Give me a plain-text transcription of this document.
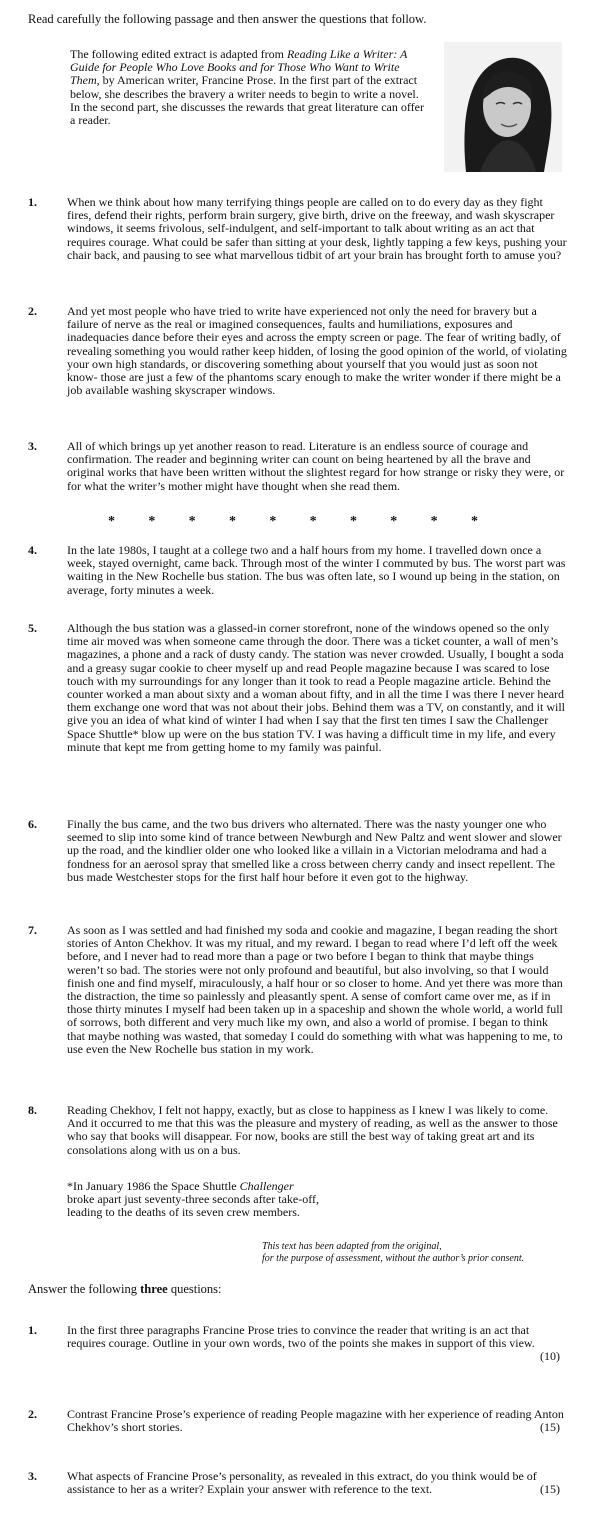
Read carefully the following passage and then answer the questions that follow.
The following edited extract is adapted from Reading Like a Writer: A Guide for People Who Love Books and for Those Who Want to Write Them, by American writer, Francine Prose. In the first part of the extract below, she describes the bravery a writer needs to begin to write a novel. In the second part, she discusses the rewards that great literature can offer a reader.
1.	When we think about how many terrifying things people are called on to do every day as they fight fires, defend their rights, perform brain surgery, give birth, drive on the freeway, and wash skyscraper windows, it seems frivolous, self-indulgent, and self-important to talk about writing as an act that requires courage. What could be safer than sitting at your desk, lightly tapping a few keys, pushing your chair back, and pausing to see what marvellous tidbit of art your brain has brought forth to amuse you?
2.	And yet most people who have tried to write have experienced not only the need for bravery but a failure of nerve as the real or imagined consequences, faults and humiliations, exposures and inadequacies dance before their eyes and across the empty screen or page. The fear of writing badly, of revealing something you would rather keep hidden, of losing the good opinion of the world, of violating your own high standards, or discovering something about yourself that you would just as soon not know- those are just a few of the phantoms scary enough to make the writer wonder if there might be a job available washing skyscraper windows.
3.	All of which brings up yet another reason to read. Literature is an endless source of courage and confirmation. The reader and beginning writer can count on being heartened by all the brave and original works that have been written without the slightest regard for how strange or risky they were, or for what the writer’s mother might have thought when she read them.
* * * * * * * * * *
4.	In the late 1980s, I taught at a college two and a half hours from my home. I travelled down once a week, stayed overnight, came back. Through most of the winter I commuted by bus. The worst part was waiting in the New Rochelle bus station. The bus was often late, so I wound up being in the station, on average, forty minutes a week.
5.	Although the bus station was a glassed-in corner storefront, none of the windows opened so the only time air moved was when someone came through the door. There was a ticket counter, a wall of men’s magazines, a phone and a rack of dusty candy. The station was never crowded. Usually, I bought a soda and a greasy sugar cookie to cheer myself up and read People magazine because I was scared to lose touch with my surroundings for any longer than it took to read a People magazine article. Behind the counter worked a man about sixty and a woman about fifty, and in all the time I was there I never heard them exchange one word that was not about their jobs. Behind them was a TV, on constantly, and it will give you an idea of what kind of winter I had when I say that the first ten times I saw the Challenger Space Shuttle* blow up were on the bus station TV. I was having a difficult time in my life, and every minute that kept me from getting home to my family was painful.
6.	Finally the bus came, and the two bus drivers who alternated. There was the nasty younger one who seemed to slip into some kind of trance between Newburgh and New Paltz and went slower and slower up the road, and the kindlier older one who looked like a villain in a Victorian melodrama and had a fondness for an aerosol spray that smelled like a cross between cherry candy and insect repellent. The bus made Westchester stops for the first half hour before it even got to the highway.
7.	As soon as I was settled and had finished my soda and cookie and magazine, I began reading the short stories of Anton Chekhov. It was my ritual, and my reward. I began to read where I’d left off the week before, and I never had to read more than a page or two before I began to think that maybe things weren’t so bad. The stories were not only profound and beautiful, but also involving, so that I would finish one and find myself, miraculously, a half hour or so closer to home. And yet there was more than the distraction, the time so painlessly and pleasantly spent. A sense of comfort came over me, as if in those thirty minutes I myself had been taken up in a spaceship and shown the whole world, a world full of sorrows, both different and very much like my own, and also a world of promise. I began to think that maybe nothing was wasted, that someday I could do something with what was happening to me, to use even the New Rochelle bus station in my work.
8.	Reading Chekhov, I felt not happy, exactly, but as close to happiness as I knew I was likely to come. And it occurred to me that this was the pleasure and mystery of reading, as well as the answer to those who say that books will disappear. For now, books are still the best way of taking great art and its consolations along with us on a bus.
*In January 1986 the Space Shuttle Challenger
broke apart just seventy-three seconds after take-off,
leading to the deaths of its seven crew members.
This text has been adapted from the original,
for the purpose of assessment, without the author’s prior consent.
Answer the following three questions:
1.	In the first three paragraphs Francine Prose tries to convince the reader that writing is an act that requires courage. Outline in your own words, two of the points she makes in support of this view.
(10)
2.	Contrast Francine Prose’s experience of reading People magazine with her experience of reading Anton Chekhov’s short stories.	(15)
3.	What aspects of Francine Prose’s personality, as revealed in this extract, do you think would be of assistance to her as a writer? Explain your answer with reference to the text.	(15)
